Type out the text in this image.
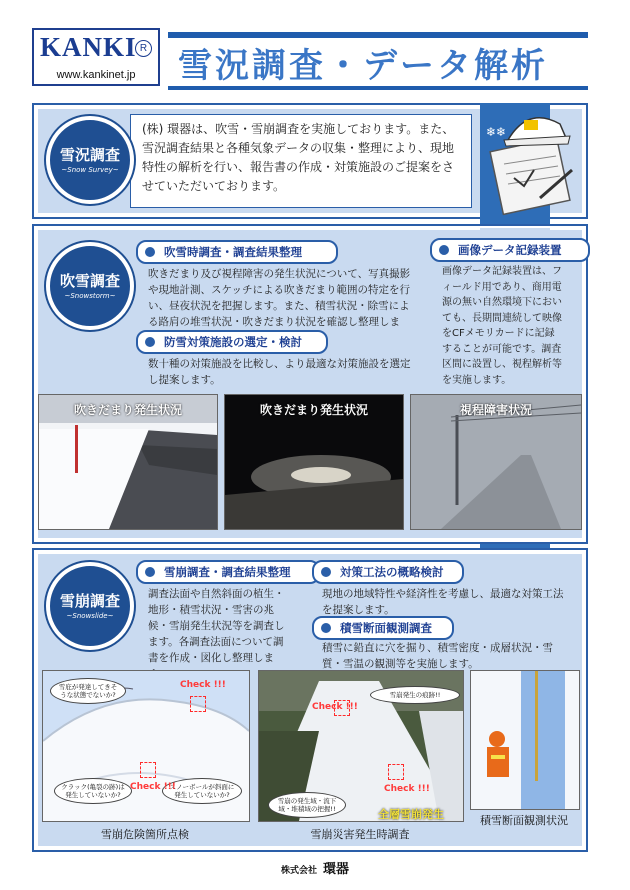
KANKI R
www.kankinet.jp	雪況調査・データ解析
雪況調査
~Snow Survey~
(株) 環器は、吹雪・雪崩調査を実施しております。また、雪況調査結果と各種気象データの収集・整理により、現地特性の解析を行い、報告書の作成・対策施設のご提案をさせていただいております。
❄❄
吹雪調査
~Snowstorm~
吹雪時調査・調査結果整理
吹きだまり及び視程障害の発生状況について、写真撮影や現地計測、スケッチによる吹きだまり範囲の特定を行い、昼夜状況を把握します。また、積雪状況・除雪による路肩の堆雪状況・吹きだまり状況を確認し整理しま
防雪対策施設の選定・検討
数十種の対策施設を比較し、より最適な対策施設を選定し提案します。
画像データ記録装置
画像データ記録装置は、フィールド用であり、商用電源の無い自然環境下においても、長期間連続して映像をCFメモリカードに記録することが可能です。調査区間に設置し、視程解析等を実施します。
吹きだまり発生状況	吹きだまり発生状況	視程障害状況
雪崩調査
~Snowslide~
雪崩調査・調査結果整理
調査法面や自然斜面の植生・地形・積雪状況・雪害の兆候・雪崩発生状況等を調査します。各調査法面について調書を作成・図化し整理しま
対策工法の概略検討
現地の地域特性や経済性を考慮し、最適な対策工法を提案します。
積雪断面観測調査
積雪に鉛直に穴を掘り、積雪密度・成層状況・雪質・雪温の観測等を実施します。
雪庇が発達してきそうな状態でないか?
クラック(亀裂の跡)は発生していないか?
スノーボールが斜面に発生していないか?
Check !!!
Check !!!
雪崩発生の痕跡!!
雪崩の発生域・流下域・堆積域の把握!!
Check !!!
Check !!!
全層雪崩発生
雪崩危険箇所点検	雪崩災害発生時調査
積雪断面観測状況
株式会社 環器
